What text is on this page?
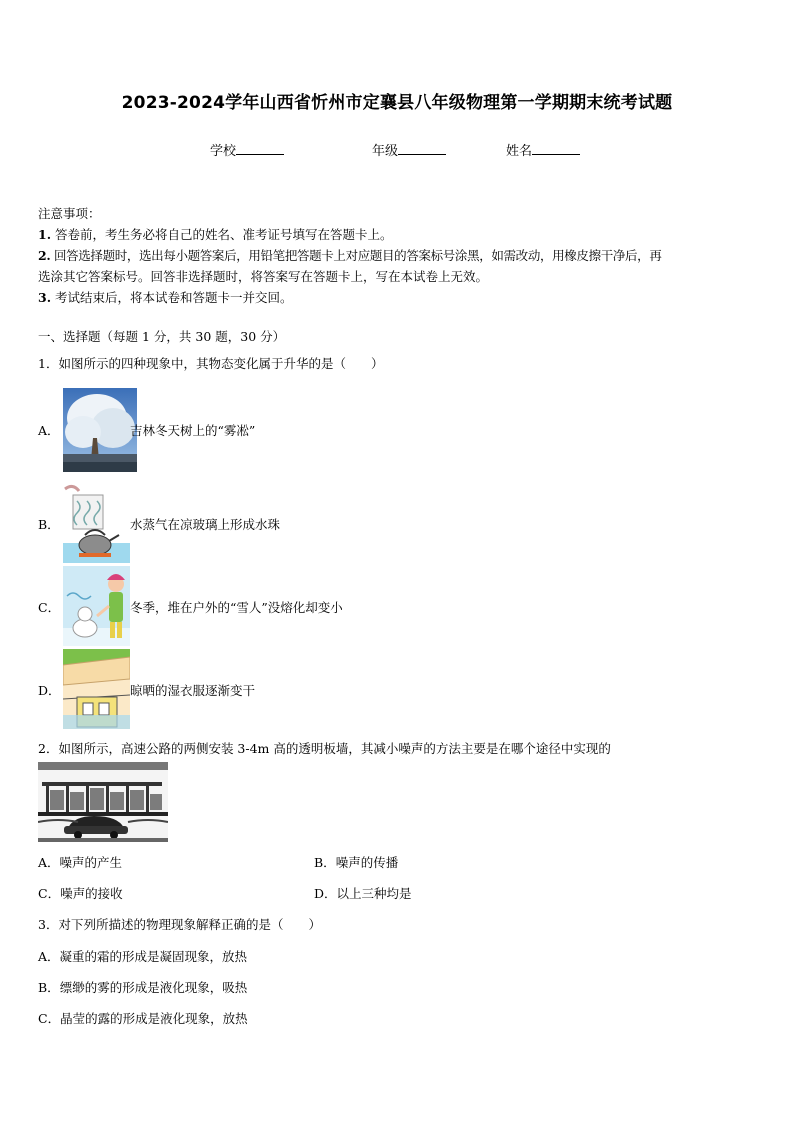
2023-2024学年山西省忻州市定襄县八年级物理第一学期期末统考试题
学校	年级	姓名

注意事项：

1. 答卷前，考生务必将自己的姓名、准考证号填写在答题卡上。

2. 回答选择题时，选出每小题答案后，用铅笔把答题卡上对应题目的答案标号涂黑，如需改动，用橡皮擦干净后，再

选涂其它答案标号。回答非选择题时，将答案写在答题卡上，写在本试卷上无效。

3. 考试结束后，将本试卷和答题卡一并交回。

一、选择题（每题 1 分，共 30 题，30 分）
1．如图所示的四种现象中，其物态变化属于升华的是（　　）
A．	吉林冬天树上的“雾凇”
B．	水蒸气在凉玻璃上形成水珠
C．	冬季，堆在户外的“雪人”没熔化却变小
D．	晾晒的湿衣服逐渐变干
2．如图所示，高速公路的两侧安装 3-4m 高的透明板墙，其减小噪声的方法主要是在哪个途径中实现的
A．噪声的产生	B．噪声的传播
C．噪声的接收	D．以上三种均是
3．对下列所描述的物理现象解释正确的是（　　）
A．凝重的霜的形成是凝固现象，放热
B．缥缈的雾的形成是液化现象，吸热
C．晶莹的露的形成是液化现象，放热
